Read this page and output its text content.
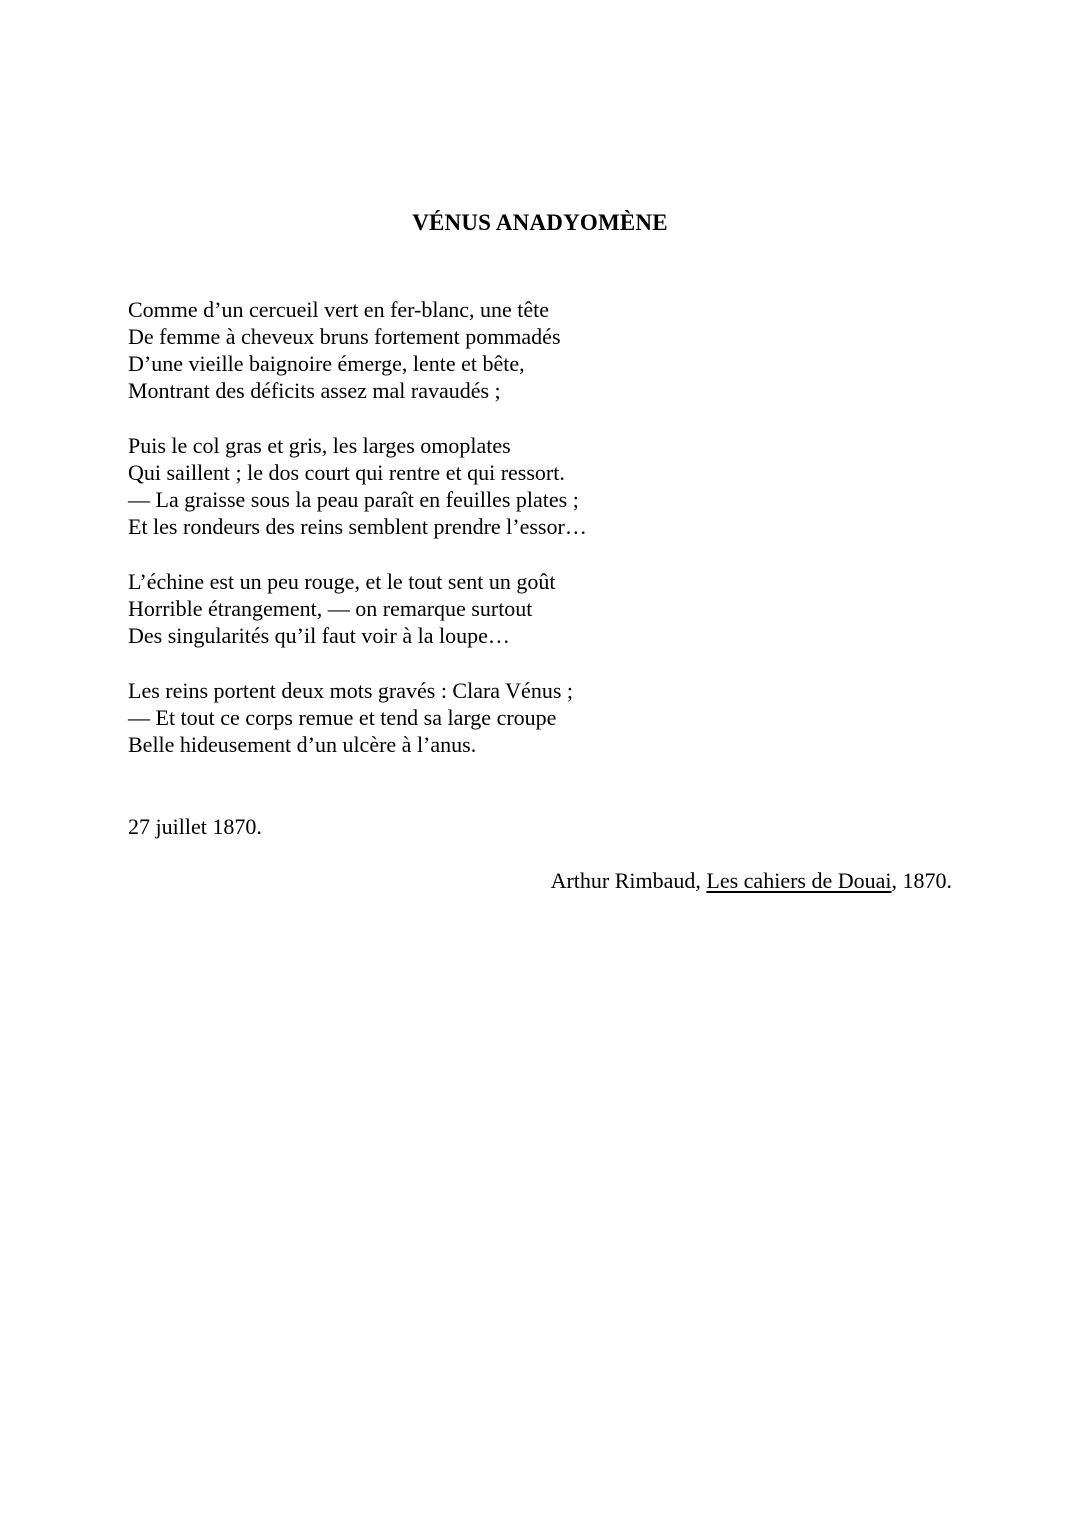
VÉNUS ANADYOMÈNE
Comme d’un cercueil vert en fer-blanc, une tête
De femme à cheveux bruns fortement pommadés
D’une vieille baignoire émerge, lente et bête,
Montrant des déficits assez mal ravaudés ;
Puis le col gras et gris, les larges omoplates
Qui saillent ; le dos court qui rentre et qui ressort.
— La graisse sous la peau paraît en feuilles plates ;
Et les rondeurs des reins semblent prendre l’essor…
L’échine est un peu rouge, et le tout sent un goût
Horrible étrangement, — on remarque surtout
Des singularités qu’il faut voir à la loupe…
Les reins portent deux mots gravés : Clara Vénus ;
— Et tout ce corps remue et tend sa large croupe
Belle hideusement d’un ulcère à l’anus.
27 juillet 1870.
Arthur Rimbaud, Les cahiers de Douai, 1870.
